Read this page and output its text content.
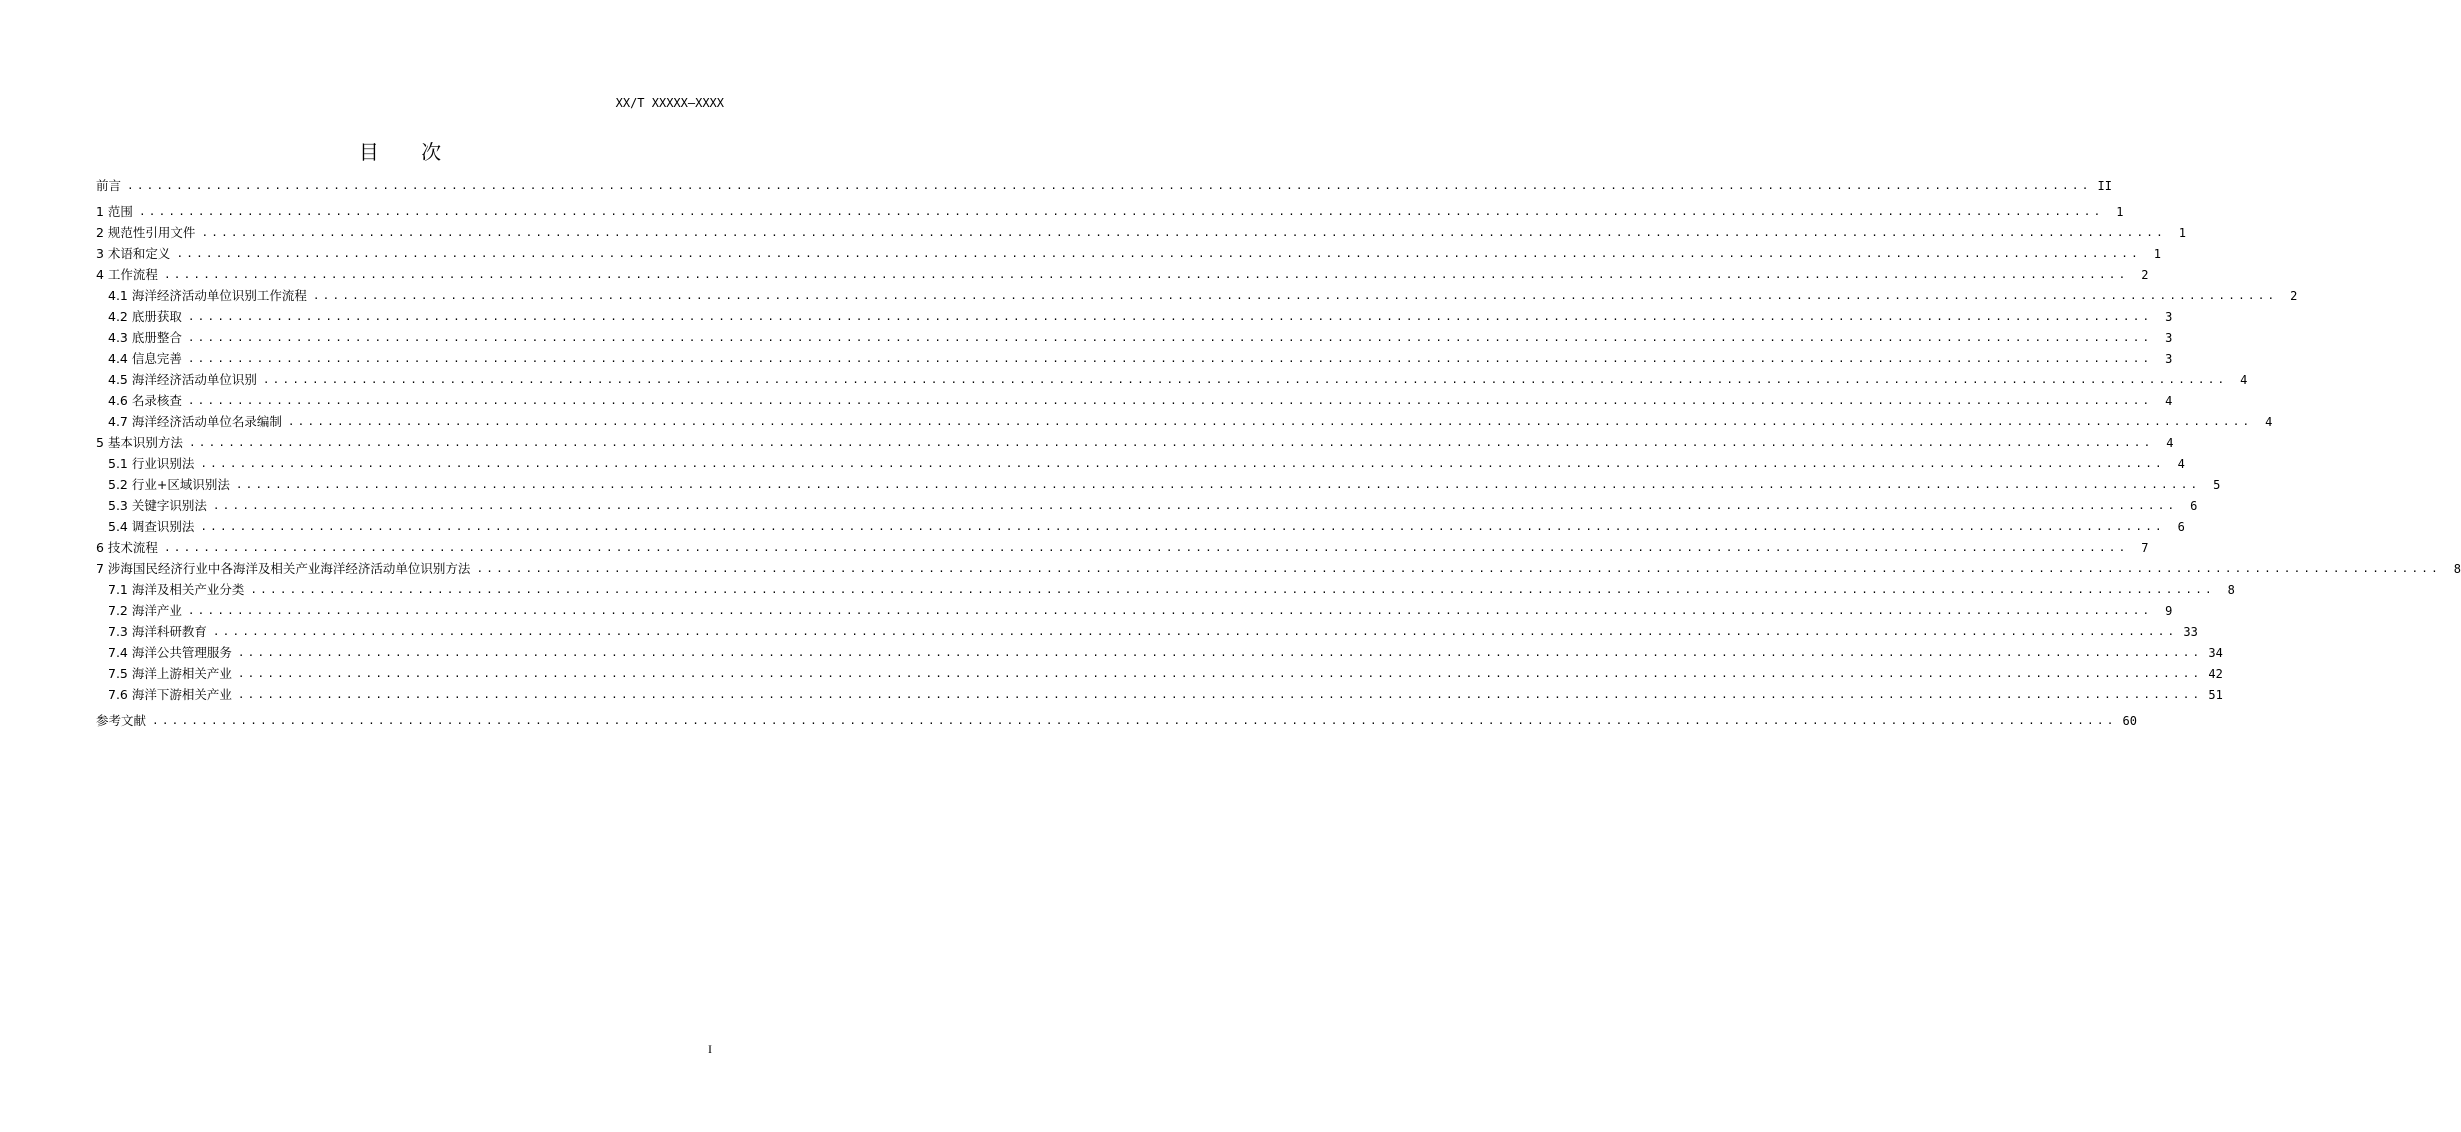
XX/T XXXXX—XXXX
目 次
前言 ........................................................................................................................................................................................................ II
1 范围 ........................................................................................................................................................................................................	1
2 规范性引用文件 ........................................................................................................................................................................................................	1
3 术语和定义 ........................................................................................................................................................................................................	1
4 工作流程 ........................................................................................................................................................................................................	2
4.1 海洋经济活动单位识别工作流程 ........................................................................................................................................................................................................	2
4.2 底册获取 ........................................................................................................................................................................................................	3
4.3 底册整合 ........................................................................................................................................................................................................	3
4.4 信息完善 ........................................................................................................................................................................................................	3
4.5 海洋经济活动单位识别 ........................................................................................................................................................................................................	4
4.6 名录核查 ........................................................................................................................................................................................................	4
4.7 海洋经济活动单位名录编制 ........................................................................................................................................................................................................	4
5 基本识别方法 ........................................................................................................................................................................................................	4
5.1 行业识别法 ........................................................................................................................................................................................................	4
5.2 行业+区域识别法 ........................................................................................................................................................................................................	5
5.3 关键字识别法 ........................................................................................................................................................................................................	6
5.4 调查识别法 ........................................................................................................................................................................................................	6
6 技术流程 ........................................................................................................................................................................................................	7
7 涉海国民经济行业中各海洋及相关产业海洋经济活动单位识别方法 ........................................................................................................................................................................................................	8
7.1 海洋及相关产业分类 ........................................................................................................................................................................................................	8
7.2 海洋产业 ........................................................................................................................................................................................................	9
7.3 海洋科研教育 ........................................................................................................................................................................................................ 33
7.4 海洋公共管理服务 ........................................................................................................................................................................................................ 34
7.5 海洋上游相关产业 ........................................................................................................................................................................................................ 42
7.6 海洋下游相关产业 ........................................................................................................................................................................................................ 51
参考文献 ........................................................................................................................................................................................................ 60
I
